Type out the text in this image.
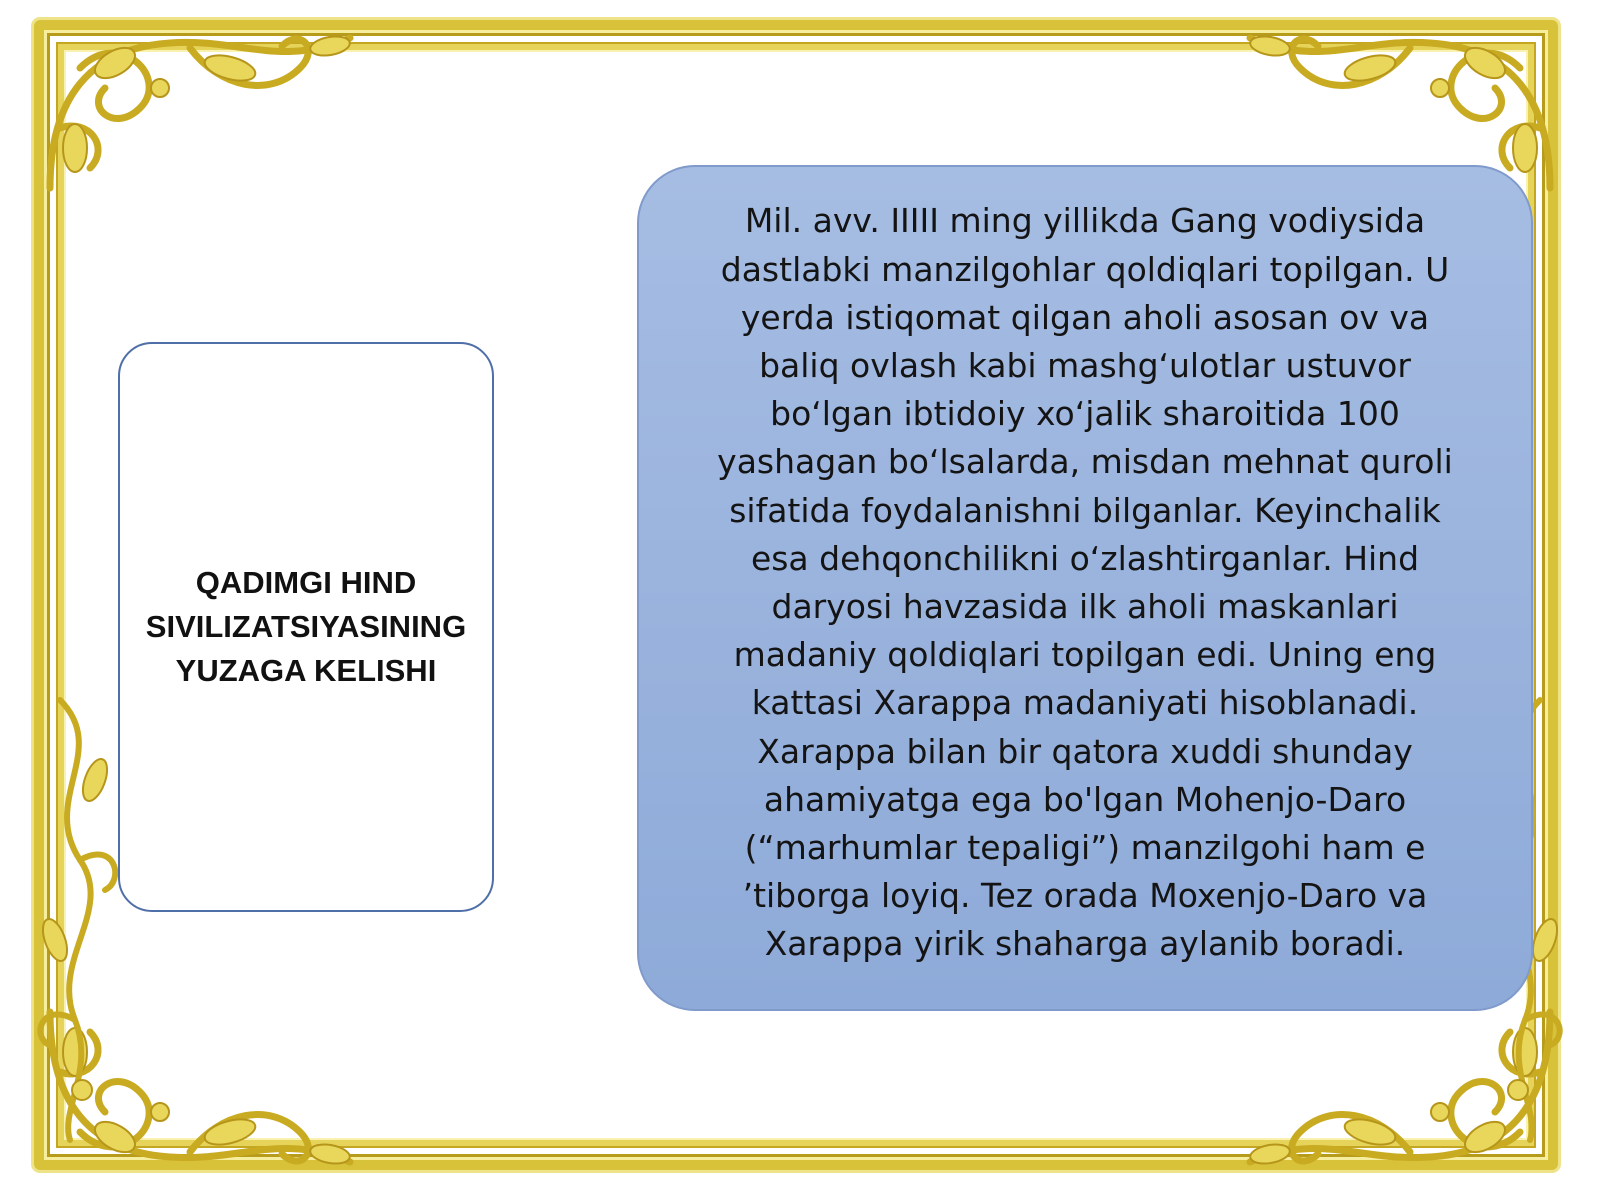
QADIMGI HIND
SIVILIZATSIYASINING
YUZAGA KELISHI
Mil. avv. IIIII ming yillikda Gang vodiysida
dastlabki manzilgohlar qoldiqlari topilgan. U
yerda istiqomat qilgan aholi asosan ov va
baliq ovlash kabi mashg‘ulotlar ustuvor
bo‘lgan ibtidoiy xo‘jalik sharoitida 100
yashagan bo‘lsalarda, misdan mehnat quroli
sifatida foydalanishni bilganlar. Keyinchalik
esa dehqonchilikni o‘zlashtirganlar. Hind
daryosi havzasida ilk aholi maskanlari
madaniy qoldiqlari topilgan edi. Uning eng
kattasi Xarappa madaniyati hisoblanadi.
Xarappa bilan bir qatora xuddi shunday
ahamiyatga ega bo'lgan Mohenjo-Daro
(“marhumlar tepaligi”) manzilgohi ham e
’tiborga loyiq. Tez orada Moxenjo-Daro va
Xarappa yirik shaharga aylanib boradi.
